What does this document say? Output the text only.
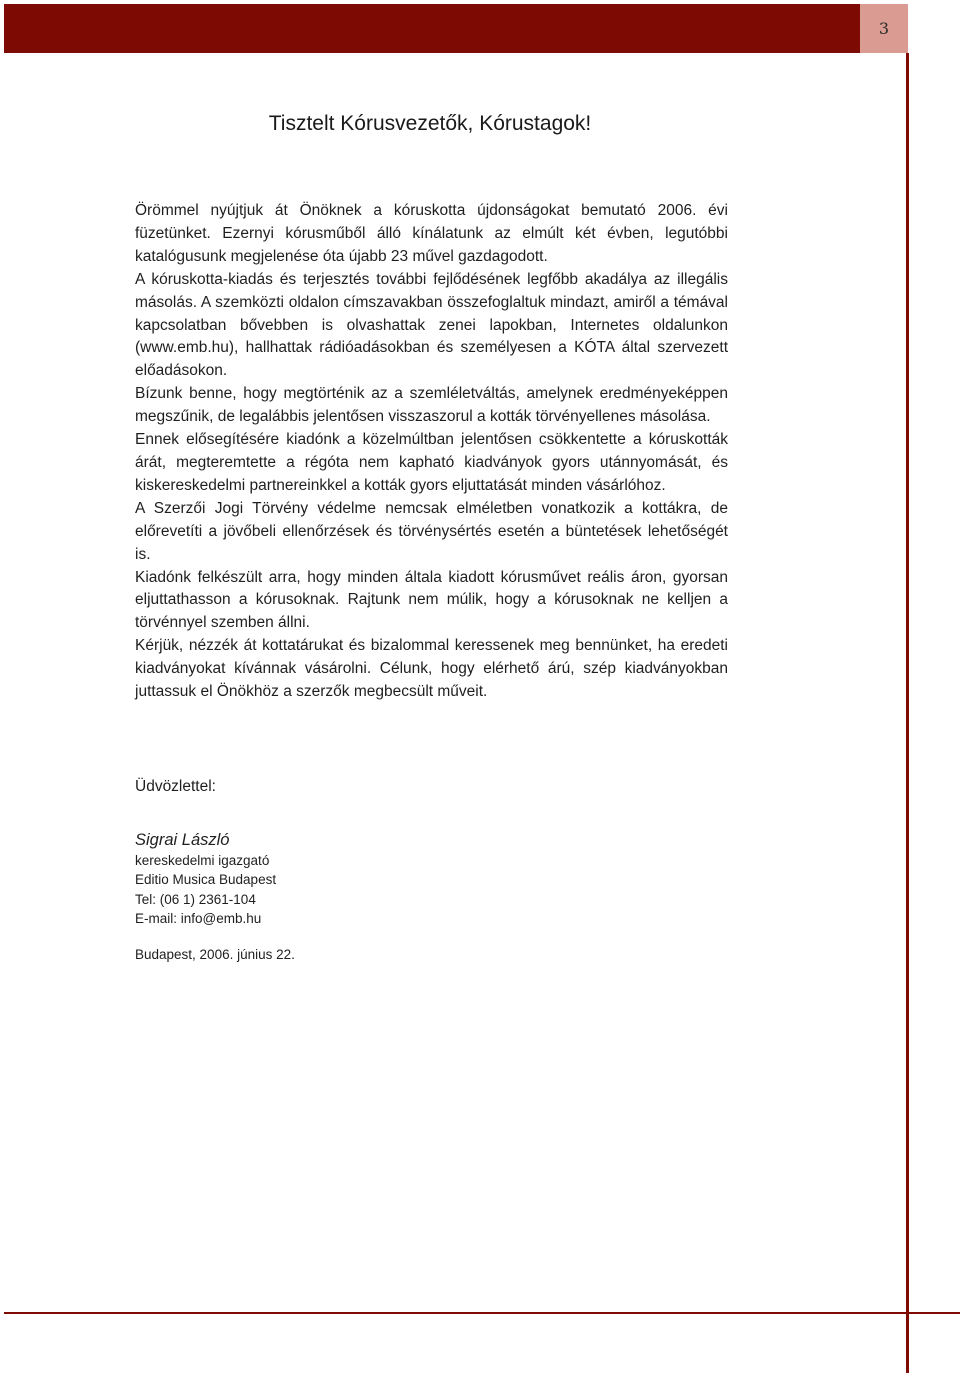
3
Tisztelt Kórusvezetők, Kórustagok!

Örömmel nyújtjuk át Önöknek a kóruskotta újdonságokat bemutató 2006. évi füzetünket. Ezernyi kórusműből álló kínálatunk az elmúlt két évben, legutóbbi katalógusunk megjelenése óta újabb 23 művel gazdagodott.

A kóruskotta-kiadás és terjesztés további fejlődésének legfőbb akadálya az illegális másolás. A szemközti oldalon címszavakban összefoglaltuk mindazt, amiről a témával kapcsolatban bővebben is olvashattak zenei lapokban, Internetes oldalunkon (www.emb.hu), hallhattak rádióadásokban és személyesen a KÓTA által szervezett előadásokon.

Bízunk benne, hogy megtörténik az a szemléletváltás, amelynek eredményeképpen megszűnik, de legalábbis jelentősen visszaszorul a kották törvényellenes másolása.

Ennek elősegítésére kiadónk a közelmúltban jelentősen csökkentette a kóruskották árát, megteremtette a régóta nem kapható kiadványok gyors utánnyomását, és kiskereskedelmi partnereinkkel a kották gyors eljuttatását minden vásárlóhoz.

A Szerzői Jogi Törvény védelme nemcsak elméletben vonatkozik a kottákra, de előrevetíti a jövőbeli ellenőrzések és törvénysértés esetén a büntetések lehetőségét is.

Kiadónk felkészült arra, hogy minden általa kiadott kórusművet reális áron, gyorsan eljuttathasson a kórusoknak. Rajtunk nem múlik, hogy a kórusoknak ne kelljen a törvénnyel szemben állni.

Kérjük, nézzék át kottatárukat és bizalommal keressenek meg bennünket, ha eredeti kiadványokat kívánnak vásárolni. Célunk, hogy elérhető árú, szép kiadványokban juttassuk el Önökhöz a szerzők megbecsült műveit.

Üdvözlettel:
Sigrai László
kereskedelmi igazgató
Editio Musica Budapest
Tel: (06 1) 2361-104
E-mail: info@emb.hu
Budapest, 2006. június 22.
